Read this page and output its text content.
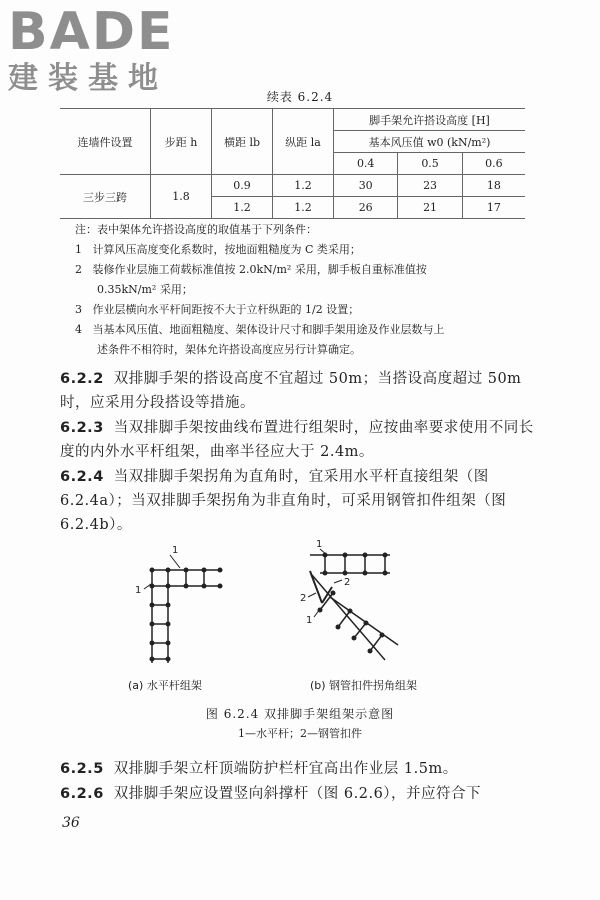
BADE
建装基地
续表 6.2.4
连墙件设置	步距 h	横距 lb	纵距 la	脚手架允许搭设高度 [H]		
				基本风压值 w0 (kN/m²)		
				0.4	0.5	0.6
三步三跨	1.8	0.9	1.2	30	23	18
		1.2	1.2	26	21	17
注：表中架体允许搭设高度的取值基于下列条件：
1 计算风压高度变化系数时，按地面粗糙度为 C 类采用；
2 装修作业层施工荷载标准值按 2.0kN/m² 采用，脚手板自重标准值按
0.35kN/m² 采用；
3 作业层横向水平杆间距按不大于立杆纵距的 1/2 设置；
4 当基本风压值、地面粗糙度、架体设计尺寸和脚手架用途及作业层数与上
述条件不相符时，架体允许搭设高度应另行计算确定。
6.2.2 双排脚手架的搭设高度不宜超过 50m；当搭设高度超过 50m 时，应采用分段搭设等措施。
6.2.3 当双排脚手架按曲线布置进行组架时，应按曲率要求使用不同长度的内外水平杆组架，曲率半径应大于 2.4m。
6.2.4 当双排脚手架拐角为直角时，宜采用水平杆直接组架（图 6.2.4a）；当双排脚手架拐角为非直角时，可采用钢管扣件组架（图 6.2.4b）。
1
1
1
2
2
1
(a) 水平杆组架	(b) 钢管扣件拐角组架
图 6.2.4 双排脚手架组架示意图
1—水平杆；2—钢管扣件
6.2.5 双排脚手架立杆顶端防护栏杆宜高出作业层 1.5m。
6.2.6 双排脚手架应设置竖向斜撑杆（图 6.2.6），并应符合下
36
